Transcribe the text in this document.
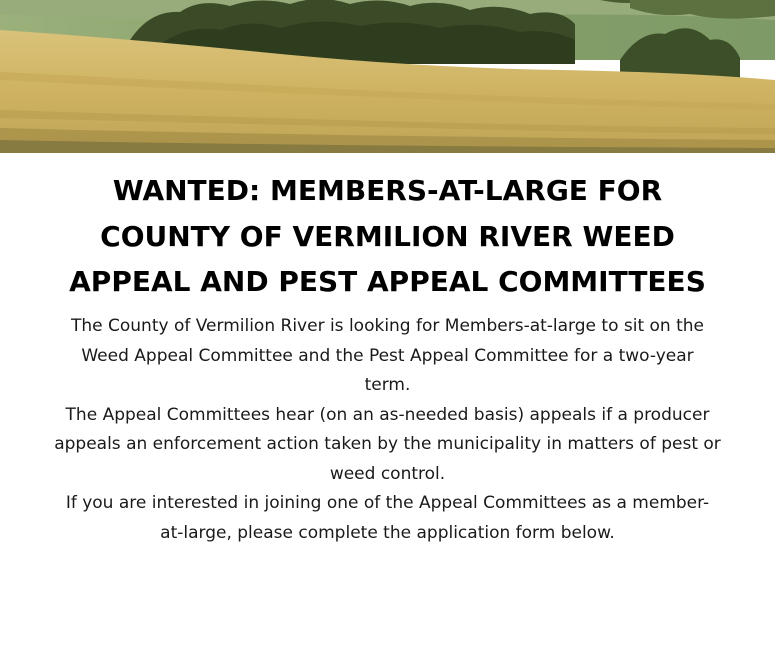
WANTED: MEMBERS-AT-LARGE FOR
COUNTY OF VERMILION RIVER WEED
APPEAL AND PEST APPEAL COMMITTEES
The County of Vermilion River is looking for Members-at-large to sit on the
Weed Appeal Committee and the Pest Appeal Committee for a two-year
term.
The Appeal Committees hear (on an as-needed basis) appeals if a producer
appeals an enforcement action taken by the municipality in matters of pest or
weed control.
If you are interested in joining one of the Appeal Committees as a member-
at-large, please complete the application form below.
